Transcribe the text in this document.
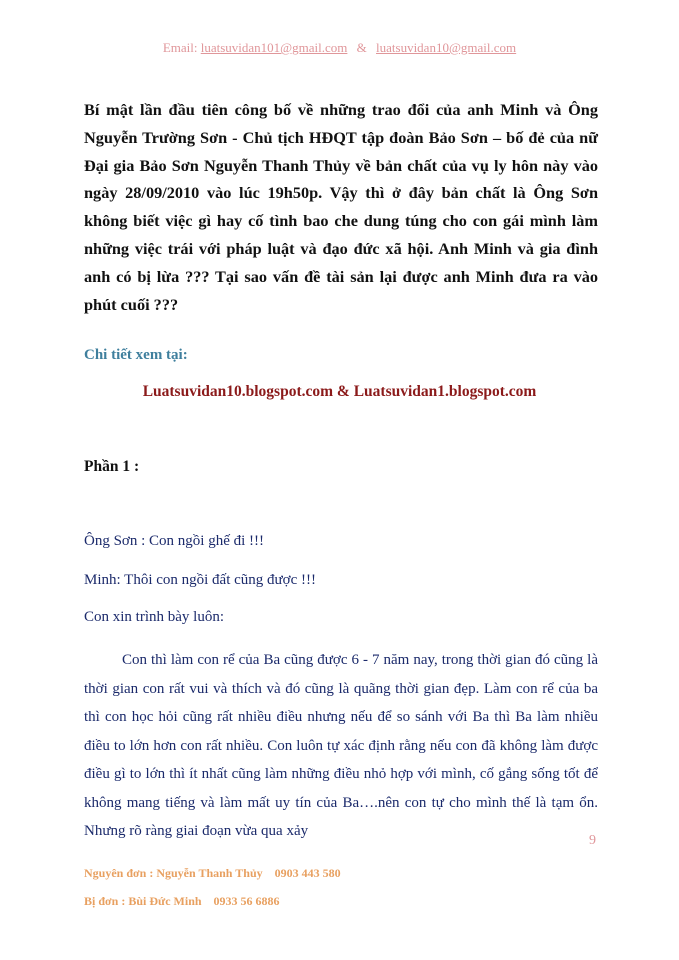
Email: luatsuvidan101@gmail.com & luatsuvidan10@gmail.com
Bí mật lần đầu tiên công bố về những trao đổi của anh Minh và Ông Nguyễn Trường Sơn - Chủ tịch HĐQT tập đoàn Bảo Sơn – bố đẻ của nữ Đại gia Bảo Sơn Nguyễn Thanh Thủy về bản chất của vụ ly hôn này vào ngày 28/09/2010 vào lúc 19h50p. Vậy thì ở đây bản chất là Ông Sơn không biết việc gì hay cố tình bao che dung túng cho con gái mình làm những việc trái với pháp luật và đạo đức xã hội. Anh Minh và gia đình anh có bị lừa ??? Tại sao vấn đề tài sản lại được anh Minh đưa ra vào phút cuối ???
Chi tiết xem tại:
Luatsuvidan10.blogspot.com & Luatsuvidan1.blogspot.com
Phần 1 :
Ông Sơn : Con ngồi ghế đi !!!
Minh: Thôi con ngồi đất cũng được !!!
Con xin trình bày luôn:
Con thì làm con rể của Ba cũng được 6 - 7 năm nay, trong thời gian đó cũng là thời gian con rất vui và thích và đó cũng là quãng thời gian đẹp. Làm con rể của ba thì con học hỏi cũng rất nhiều điều nhưng nếu để so sánh với Ba thì Ba làm nhiều điều to lớn hơn con rất nhiều. Con luôn tự xác định rằng nếu con đã không làm được điều gì to lớn thì ít nhất cũng làm những điều nhỏ hợp với mình, cố gắng sống tốt để không mang tiếng và làm mất uy tín của Ba….nên con tự cho mình thế là tạm ổn. Nhưng rõ ràng giai đoạn vừa qua xảy
9
Nguyên đơn : Nguyễn Thanh Thủy 0903 443 580
Bị đơn : Bùi Đức Minh 0933 56 6886
